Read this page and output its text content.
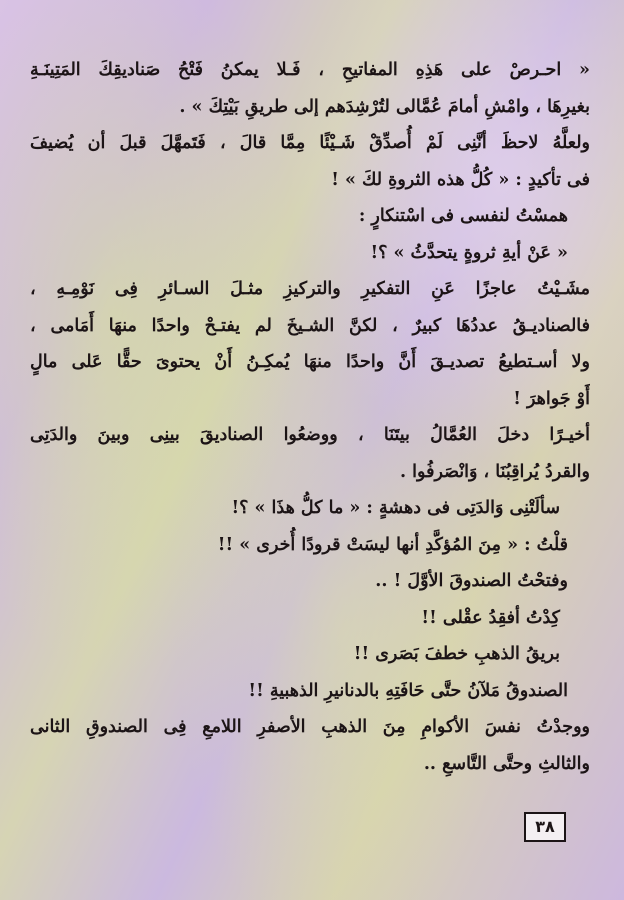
« احـرصْ على هَذِهِ المفاتيحِ ، فَـلا يمكنُ فَتْحُ صَناديقِكَ المَتِينَـةِ
بغيرِهَا ، وامْشِ أمامَ عُمَّالى لتُرْشِدَهم إلى طريقِ بَيْتِكَ » .
ولعلَّهُ لاحظَ أنَّنِى لَمْ أُصدِّقْ شَـيْئًا مِمَّا قالَ ، فَتَمهَّلَ قبلَ أن يُضيفَ
فى تأكيدٍ : « كُلُّ هذه الثروةِ لكَ » !
همسْتُ لنفسى فى اسْتنكارٍ :
« عَنْ أيةِ ثروةٍ يتحدَّثُ » ؟!
مشَـيْتُ عاجزًا عَنِ التفكيرِ والتركيزِ مثـلَ السـائرِ فِى نَوْمِـهِ ،
فالصناديـقُ عددُهَا كبيرٌ ، لكنَّ الشـيخَ لم يفتـحْ واحدًا منهَا أَمَامى ،
ولا أسـتطيعُ تصديـقَ أَنَّ واحدًا منهَا يُمكِـنُ أَنْ يحتوىَ حقًّا عَلى مالٍ
أَوْ جَواهرَ !
أخيـرًا دخلَ العُمَّالُ بيتَنَا ، ووضعُوا الصناديقَ بينِى وبينَ والدَتِى
والقردُ يُراقِبُنَا ، وَانْصَرفُوا .
سألَتْنِى وَالدَتِى فى دهشةٍ : « ما كلُّ هذَا » ؟!
قلْتُ : « مِنَ المُؤكَّدِ أنها ليسَتْ قرودًا أُخرى » !!
وفتحْتُ الصندوقَ الأوَّلَ ! ..
كِدْتُ أفقِدُ عقْلى !!
بريقُ الذهبِ خطفَ بَصَرى !!
الصندوقُ مَلآنُ حتَّى حَافَتِهِ بالدنانيرِ الذهبيةِ !!
ووجدْتُ نفسَ الأكوامِ مِنَ الذهبِ الأصفرِ اللامعِ فِى الصندوقِ الثانى
والثالثِ وحتَّى التَّاسعِ ..
٣٨
